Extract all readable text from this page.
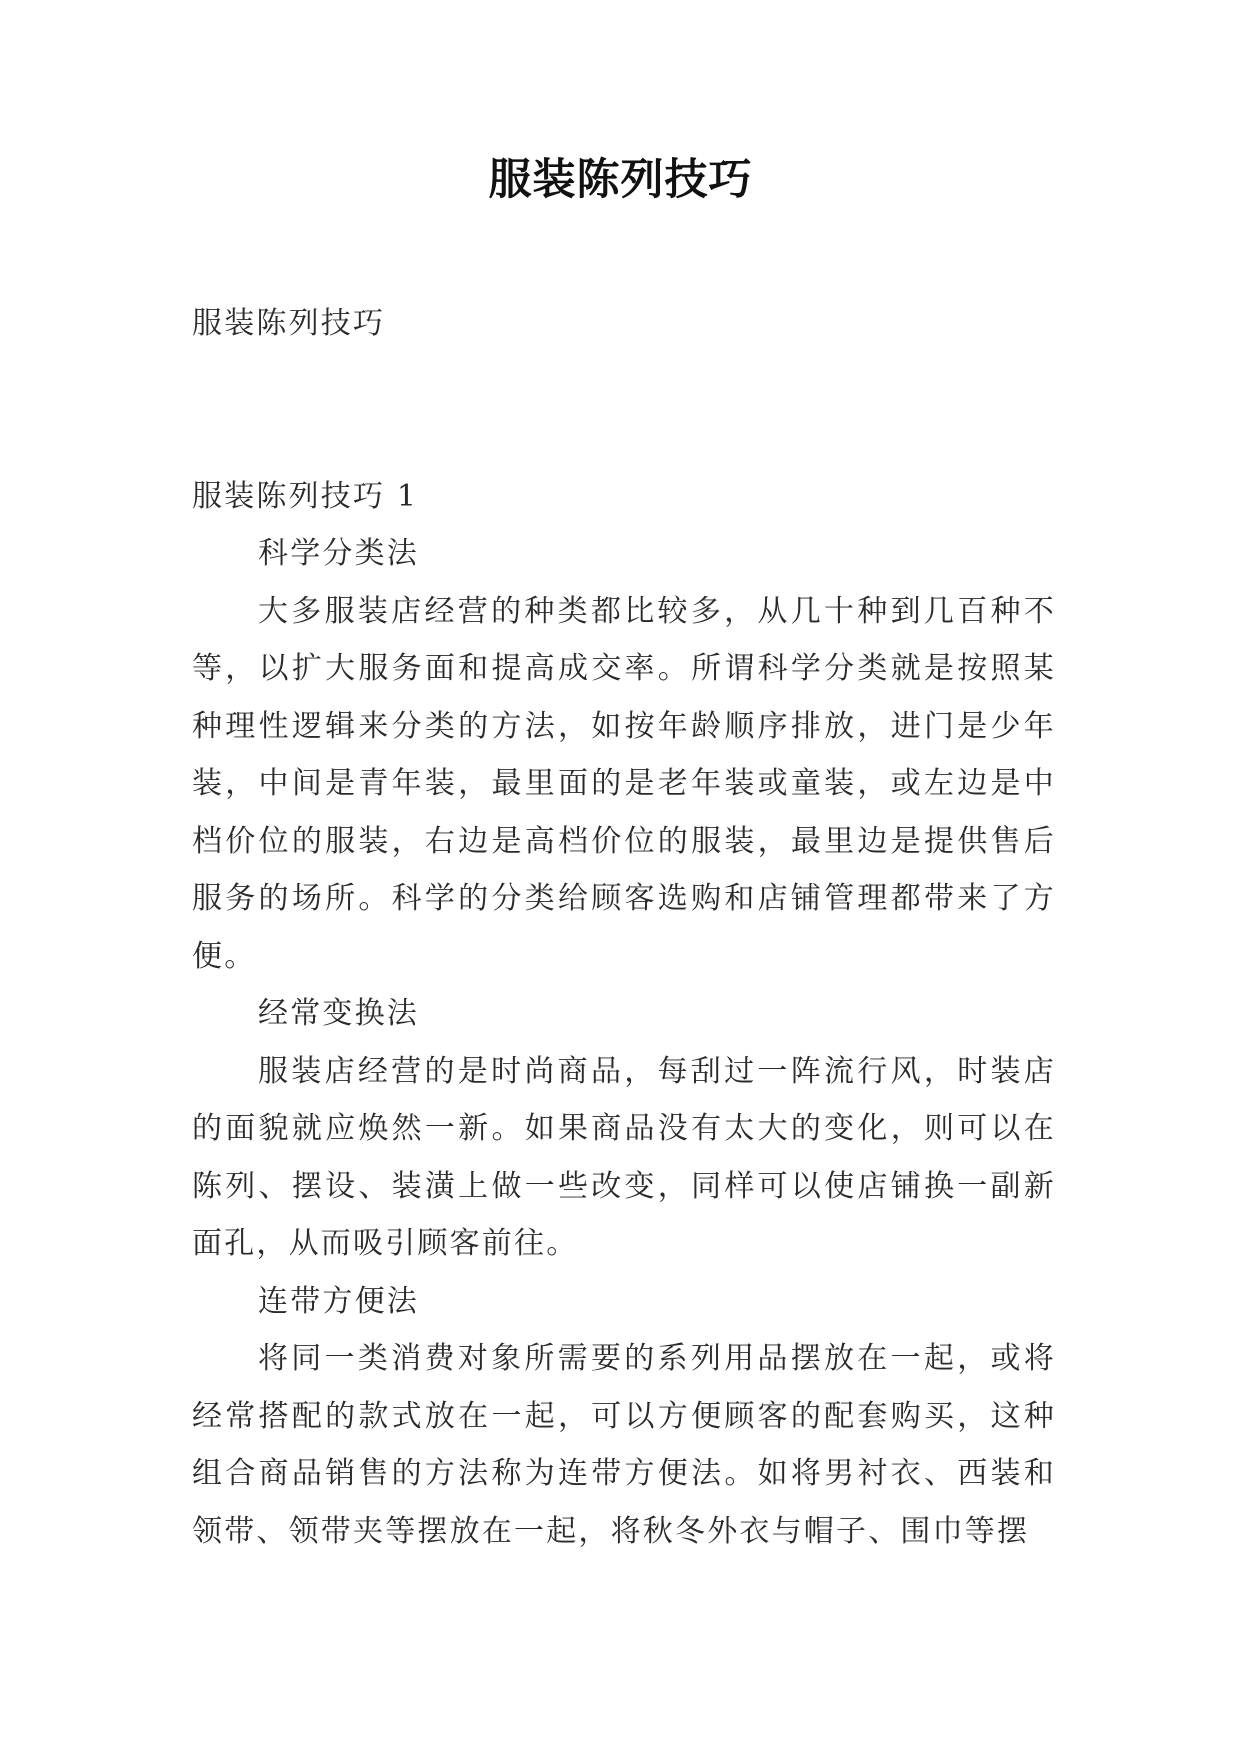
服装陈列技巧

服装陈列技巧

服装陈列技巧 1

科学分类法

大多服装店经营的种类都比较多，从几十种到几百种不等，以扩大服务面和提高成交率。所谓科学分类就是按照某种理性逻辑来分类的方法，如按年龄顺序排放，进门是少年装，中间是青年装，最里面的是老年装或童装，或左边是中档价位的服装，右边是高档价位的服装，最里边是提供售后服务的场所。科学的分类给顾客选购和店铺管理都带来了方便。

经常变换法

服装店经营的是时尚商品，每刮过一阵流行风，时装店的面貌就应焕然一新。如果商品没有太大的变化，则可以在陈列、摆设、装潢上做一些改变，同样可以使店铺换一副新面孔，从而吸引顾客前往。

连带方便法

将同一类消费对象所需要的系列用品摆放在一起，或将经常搭配的款式放在一起，可以方便顾客的配套购买，这种组合商品销售的方法称为连带方便法。如将男衬衣、西装和领带、领带夹等摆放在一起，将秋冬外衣与帽子、围巾等摆
